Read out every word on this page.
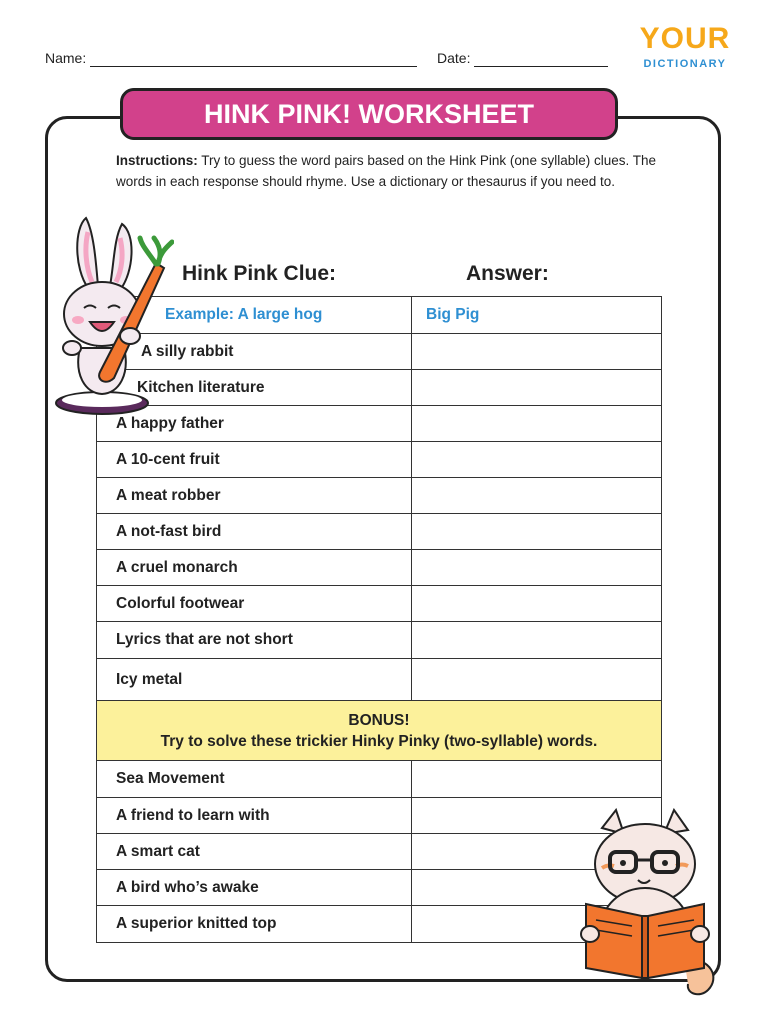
Name:	Date:
YOUR
DICTIONARY
HINK PINK! WORKSHEET
Instructions: Try to guess the word pairs based on the Hink Pink (one syllable) clues. The words in each response should rhyme. Use a dictionary or thesaurus if you need to.
Hink Pink Clue:	Answer:
Example: A large hog	Big Pig
A silly rabbit	
Kitchen literature	
A happy father	
A 10-cent fruit	
A meat robber	
A not-fast bird	
A cruel monarch	
Colorful footwear	
Lyrics that are not short	
Icy metal	

BONUS!
Try to solve these trickier Hinky Pinky (two-syllable) words.	

Sea Movement	
A friend to learn with	
A smart cat	
A bird who’s awake	
A superior knitted top	
